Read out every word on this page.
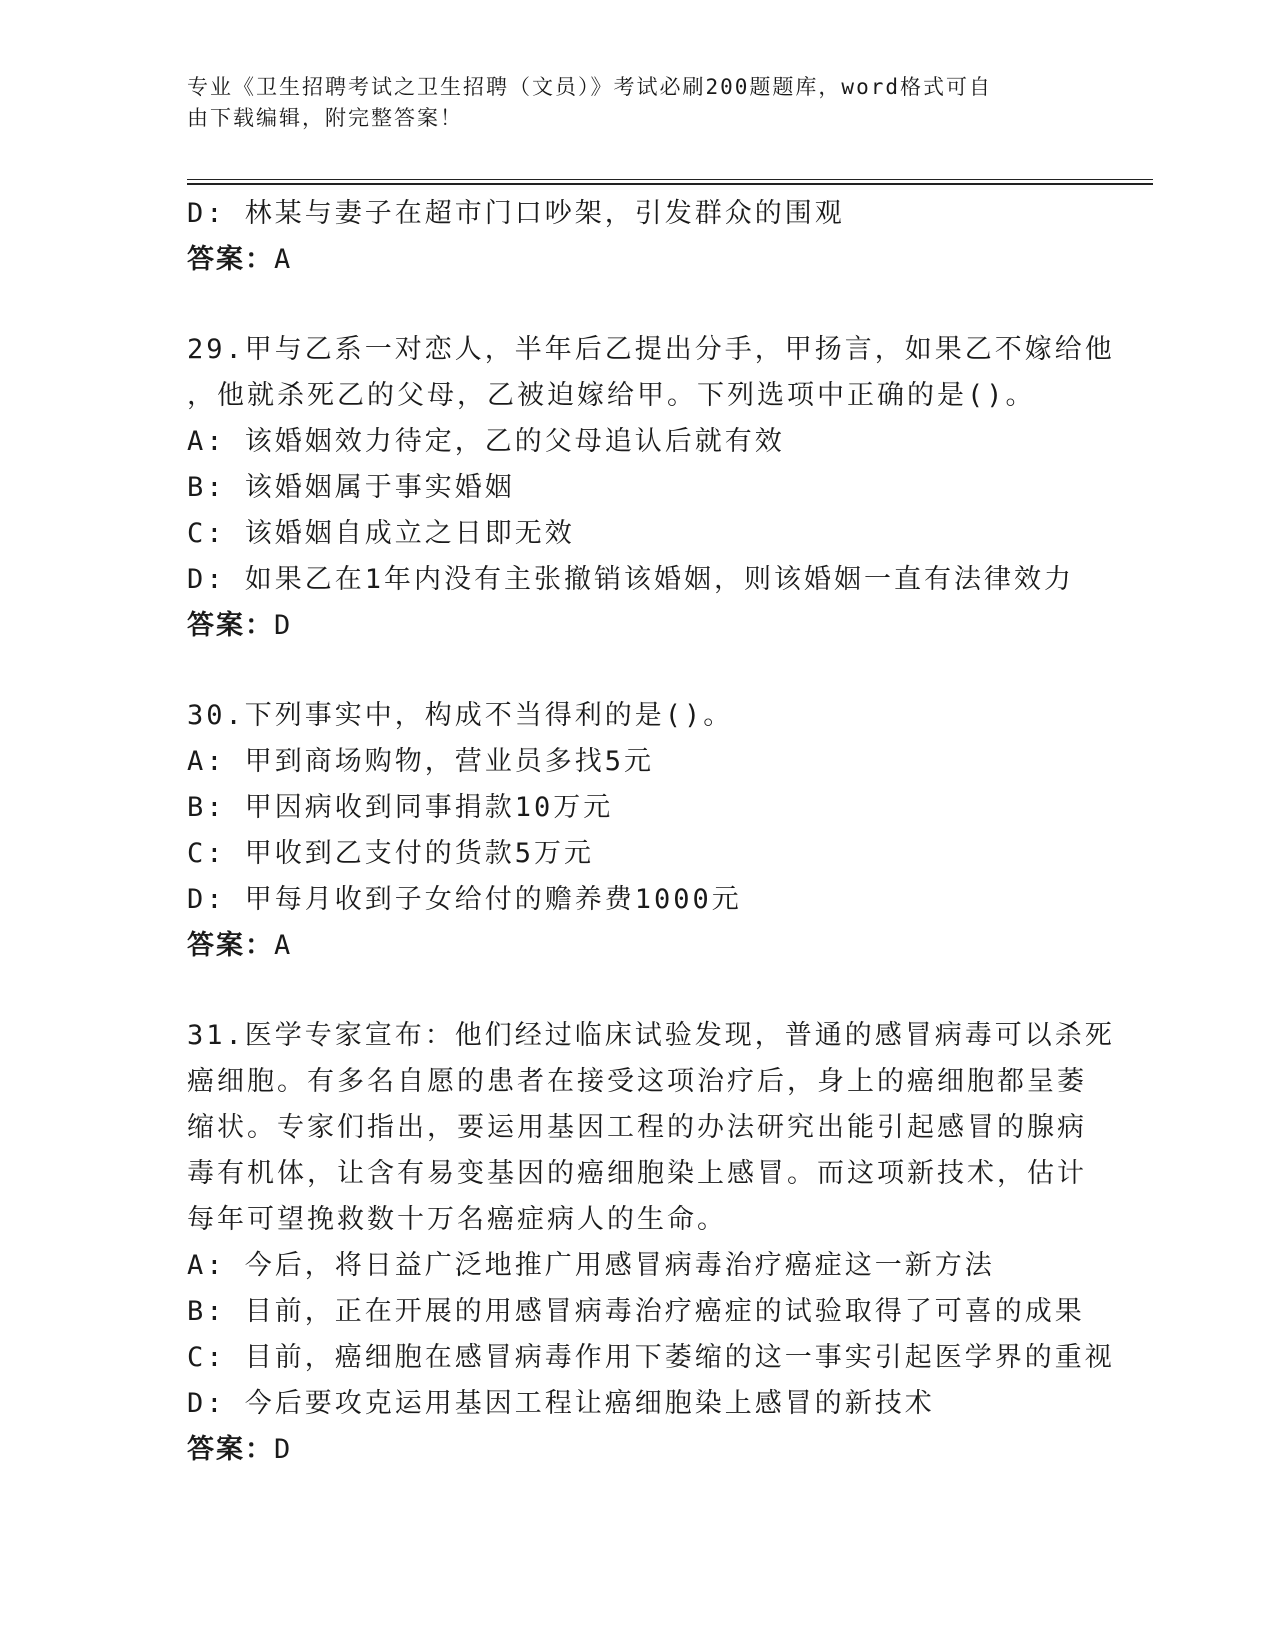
专业《卫生招聘考试之卫生招聘（文员）》考试必刷200题题库，word格式可自
由下载编辑，附完整答案！
D: 林某与妻子在超市门口吵架，引发群众的围观
答案：A
29.甲与乙系一对恋人，半年后乙提出分手，甲扬言，如果乙不嫁给他
，他就杀死乙的父母，乙被迫嫁给甲。下列选项中正确的是()。
A: 该婚姻效力待定，乙的父母追认后就有效
B: 该婚姻属于事实婚姻
C: 该婚姻自成立之日即无效
D: 如果乙在1年内没有主张撤销该婚姻，则该婚姻一直有法律效力
答案：D
30.下列事实中，构成不当得利的是()。
A: 甲到商场购物，营业员多找5元
B: 甲因病收到同事捐款10万元
C: 甲收到乙支付的货款5万元
D: 甲每月收到子女给付的赡养费1000元
答案：A
31.医学专家宣布：他们经过临床试验发现，普通的感冒病毒可以杀死
癌细胞。有多名自愿的患者在接受这项治疗后，身上的癌细胞都呈萎
缩状。专家们指出，要运用基因工程的办法研究出能引起感冒的腺病
毒有机体，让含有易变基因的癌细胞染上感冒。而这项新技术，估计
每年可望挽救数十万名癌症病人的生命。
A: 今后，将日益广泛地推广用感冒病毒治疗癌症这一新方法
B: 目前，正在开展的用感冒病毒治疗癌症的试验取得了可喜的成果
C: 目前，癌细胞在感冒病毒作用下萎缩的这一事实引起医学界的重视
D: 今后要攻克运用基因工程让癌细胞染上感冒的新技术
答案：D
